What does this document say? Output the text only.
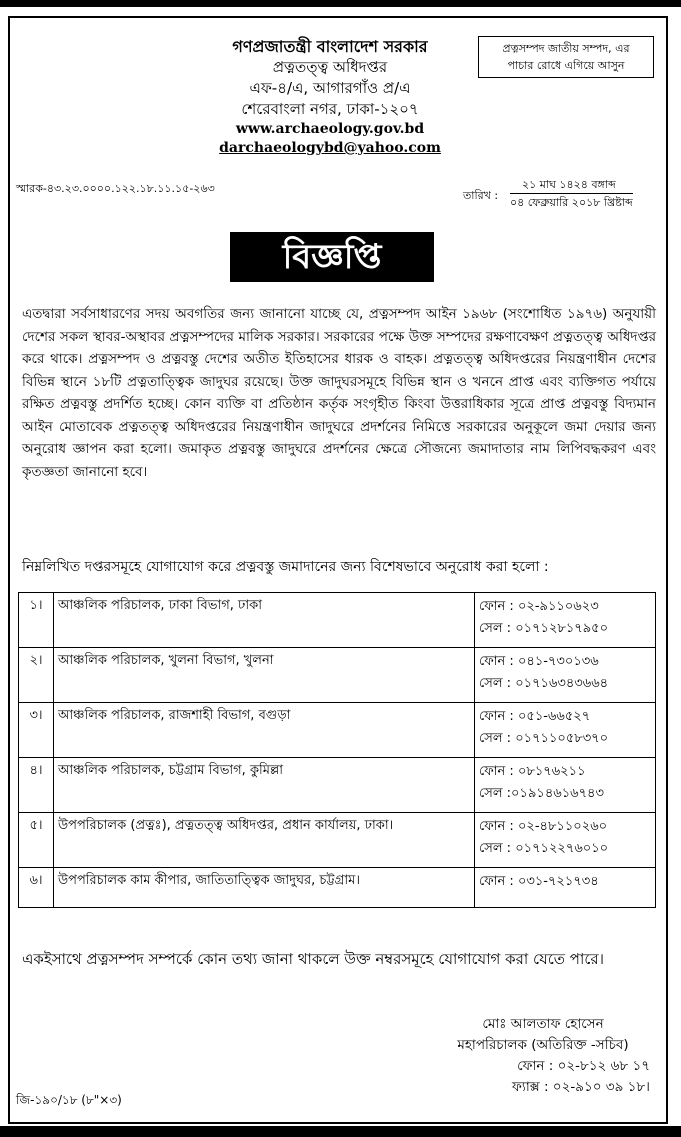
গণপ্রজাতন্ত্রী বাংলাদেশ সরকার
প্রত্নতত্ত্ব অধিদপ্তর
এফ-৪/এ, আগারগাঁও প্র/এ
শেরেবাংলা নগর, ঢাকা-১২০৭
www.archaeology.gov.bd
darchaeologybd@yahoo.com
প্রত্নসম্পদ জাতীয় সম্পদ, এর
পাচার রোধে এগিয়ে আসুন
স্মারক-৪৩.২৩.০০০০.১২২.১৮.১১.১৫-২৬৩
তারিখ :
২১ মাঘ ১৪২৪ বঙ্গাব্দ
০৪ ফেব্রুয়ারি ২০১৮ খ্রিষ্টাব্দ
বিজ্ঞপ্তি
এতদ্বারা সর্বসাধারণের সদয় অবগতির জন্য জানানো যাচ্ছে যে, প্রত্নসম্পদ আইন ১৯৬৮ (সংশোধিত ১৯৭৬) অনুযায়ী দেশের সকল স্থাবর-অস্থাবর প্রত্নসম্পদের মালিক সরকার। সরকারের পক্ষে উক্ত সম্পদের রক্ষণাবেক্ষণ প্রত্নতত্ত্ব অধিদপ্তর করে থাকে। প্রত্নসম্পদ ও প্রত্নবস্তু দেশের অতীত ইতিহাসের ধারক ও বাহক। প্রত্নতত্ত্ব অধিদপ্তরের নিয়ন্ত্রণাধীন দেশের বিভিন্ন স্থানে ১৮টি প্রত্নতাত্ত্বিক জাদুঘর রয়েছে। উক্ত জাদুঘরসমূহে বিভিন্ন স্থান ও খননে প্রাপ্ত এবং ব্যক্তিগত পর্যায়ে রক্ষিত প্রত্নবস্তু প্রদর্শিত হচ্ছে। কোন ব্যক্তি বা প্রতিষ্ঠান কর্তৃক সংগৃহীত কিংবা উত্তরাধিকার সূত্রে প্রাপ্ত প্রত্নবস্তু বিদ্যমান আইন মোতাবেক প্রত্নতত্ত্ব অধিদপ্তরের নিয়ন্ত্রণাধীন জাদুঘরে প্রদর্শনের নিমিত্তে সরকারের অনুকূলে জমা দেয়ার জন্য অনুরোধ জ্ঞাপন করা হলো। জমাকৃত প্রত্নবস্তু জাদুঘরে প্রদর্শনের ক্ষেত্রে সৌজন্যে জমাদাতার নাম লিপিবদ্ধকরণ এবং কৃতজ্ঞতা জানানো হবে।
নিম্নলিখিত দপ্তরসমূহে যোগাযোগ করে প্রত্নবস্তু জমাদানের জন্য বিশেষভাবে অনুরোধ করা হলো :
১।	আঞ্চলিক পরিচালক, ঢাকা বিভাগ, ঢাকা	ফোন : ০২-৯১১০৬২৩
সেল : ০১৭১২৮১৭৯৫০

২।	আঞ্চলিক পরিচালক, খুলনা বিভাগ, খুলনা	ফোন : ০৪১-৭৩০১৩৬
সেল : ০১৭১৬৩৪৩৬৬৪

৩।	আঞ্চলিক পরিচালক, রাজশাহী বিভাগ, বগুড়া	ফোন : ০৫১-৬৬৫২৭
সেল : ০১৭১১০৫৮৩৭০

৪।	আঞ্চলিক পরিচালক, চট্টগ্রাম বিভাগ, কুমিল্লা	ফোন : ০৮১৭৬২১১
সেল :০১৯১৪৬১৬৭৪৩

৫।	উপপরিচালক (প্রত্নঃ), প্রত্নতত্ত্ব অধিদপ্তর, প্রধান কার্যালয়, ঢাকা।	ফোন : ০২-৪৮১১০২৬০
সেল : ০১৭১২২৭৬০১০

৬।	উপপরিচালক কাম কীপার, জাতিতাত্ত্বিক জাদুঘর, চট্টগ্রাম।	ফোন : ০৩১-৭২১৭৩৪
একইসাথে প্রত্নসম্পদ সম্পর্কে কোন তথ্য জানা থাকলে উক্ত নম্বরসমূহে যোগাযোগ করা যেতে পারে।
মোঃ আলতাফ হোসেন
মহাপরিচালক (অতিরিক্ত -সচিব)
ফোন : ০২-৮১২ ৬৮ ১৭
ফ্যাক্স : ০২-৯১০ ৩৯ ১৮।
জি-১৯০/১৮ (৮"×৩)
